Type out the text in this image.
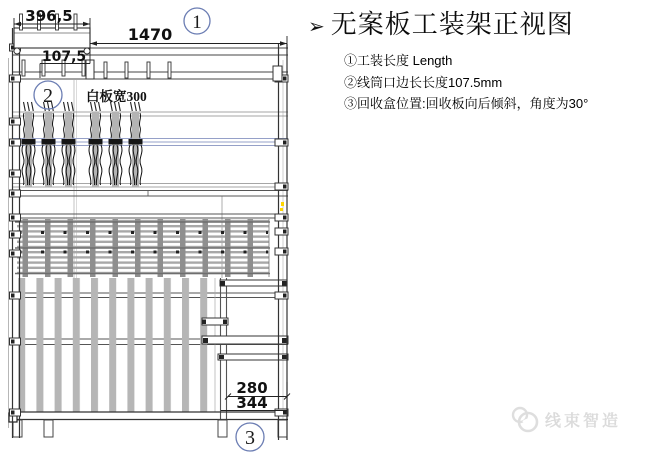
396,5
1470
107,5
280
344
白板宽300
1
2
3
➢ 无案板工装架正视图
①工装长度 Length
②线筒口边长长度107.5mm
③回收盒位置:回收板向后倾斜，角度为30°
线束智造
